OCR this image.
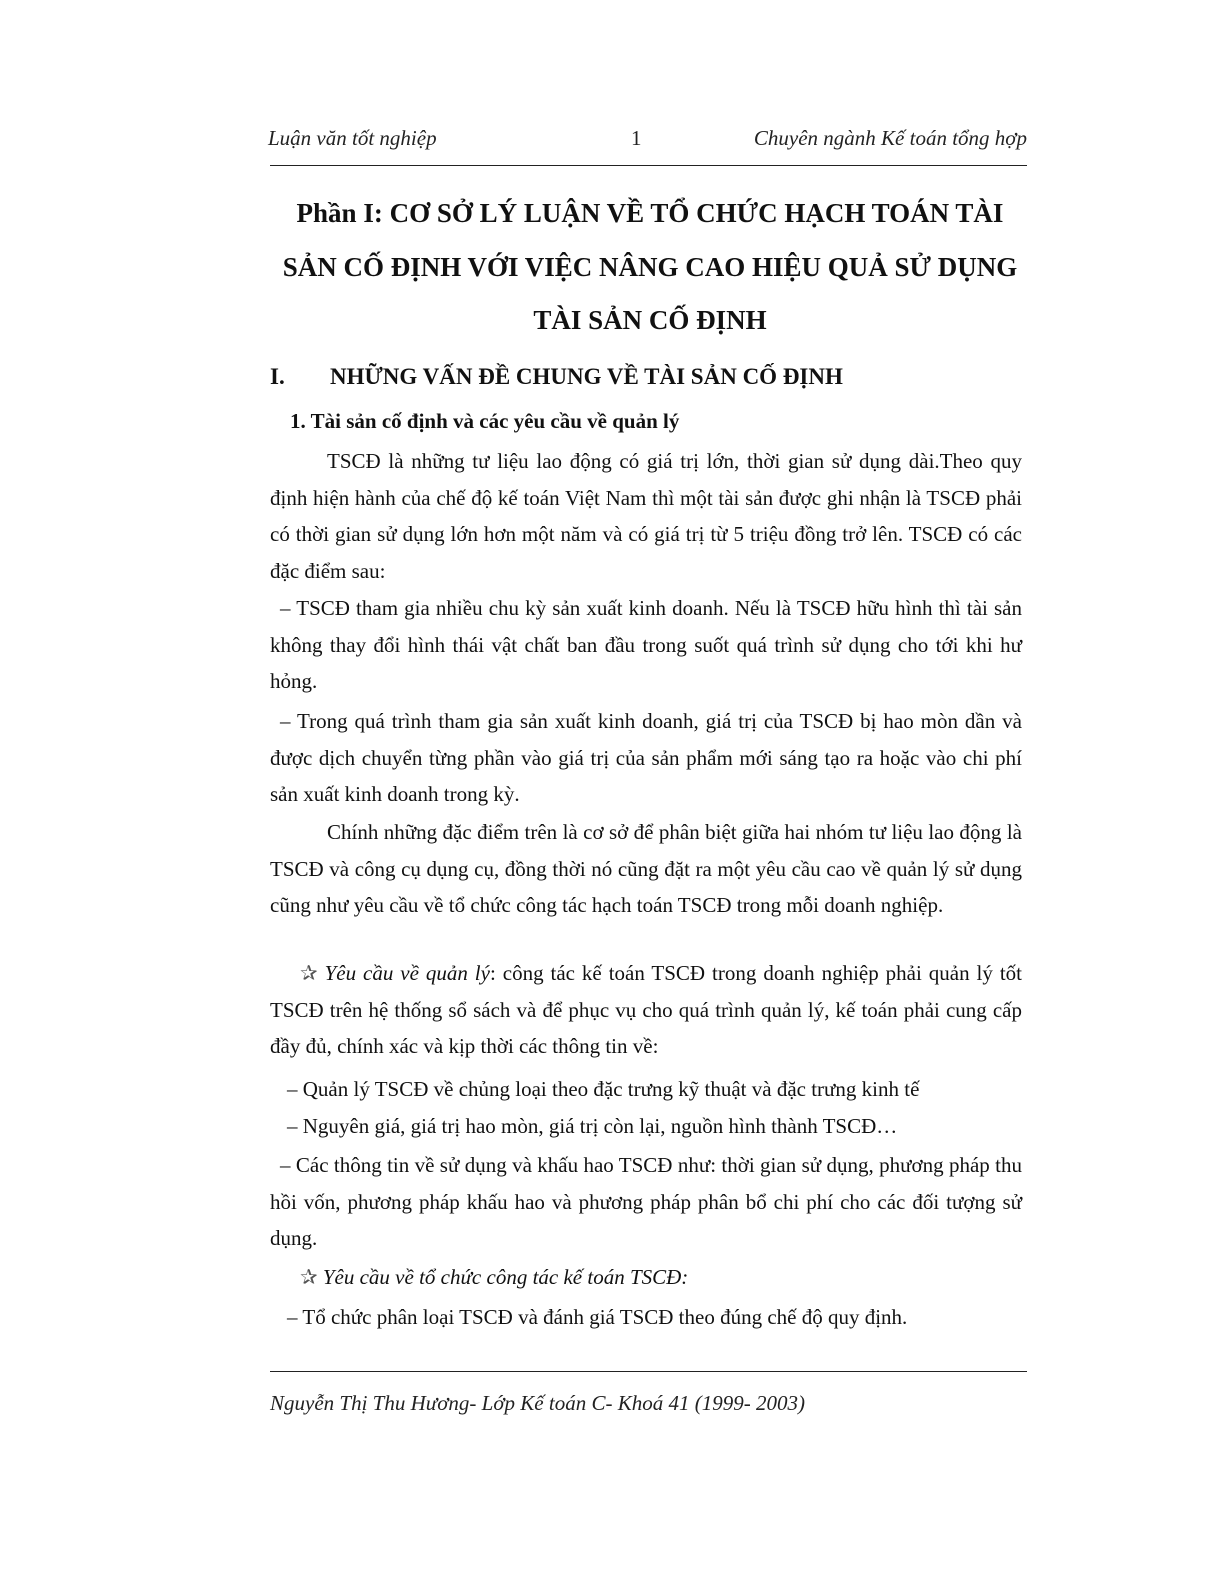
Luận văn tốt nghiệp	1	Chuyên ngành Kế toán tổng hợp
Phần I: CƠ SỞ LÝ LUẬN VỀ TỔ CHỨC HẠCH TOÁN TÀI
SẢN CỐ ĐỊNH VỚI VIỆC NÂNG CAO HIỆU QUẢ SỬ DỤNG
TÀI SẢN CỐ ĐỊNH
I. NHỮNG VẤN ĐỀ CHUNG VỀ TÀI SẢN CỐ ĐỊNH
1. Tài sản cố định và các yêu cầu về quản lý
TSCĐ là những tư liệu lao động có giá trị lớn, thời gian sử dụng dài.Theo quy định hiện hành của chế độ kế toán Việt Nam thì một tài sản được ghi nhận là TSCĐ phải có thời gian sử dụng lớn hơn một năm và có giá trị từ 5 triệu đồng trở lên. TSCĐ có các đặc điểm sau:
– TSCĐ tham gia nhiều chu kỳ sản xuất kinh doanh. Nếu là TSCĐ hữu hình thì tài sản không thay đổi hình thái vật chất ban đầu trong suốt quá trình sử dụng cho tới khi hư hỏng.
– Trong quá trình tham gia sản xuất kinh doanh, giá trị của TSCĐ bị hao mòn dần và được dịch chuyển từng phần vào giá trị của sản phẩm mới sáng tạo ra hoặc vào chi phí sản xuất kinh doanh trong kỳ.
Chính những đặc điểm trên là cơ sở để phân biệt giữa hai nhóm tư liệu lao động là TSCĐ và công cụ dụng cụ, đồng thời nó cũng đặt ra một yêu cầu cao về quản lý sử dụng cũng như yêu cầu về tổ chức công tác hạch toán TSCĐ trong mỗi doanh nghiệp.
✰ Yêu cầu về quản lý: công tác kế toán TSCĐ trong doanh nghiệp phải quản lý tốt TSCĐ trên hệ thống sổ sách và để phục vụ cho quá trình quản lý, kế toán phải cung cấp đầy đủ, chính xác và kịp thời các thông tin về:
– Quản lý TSCĐ về chủng loại theo đặc trưng kỹ thuật và đặc trưng kinh tế
– Nguyên giá, giá trị hao mòn, giá trị còn lại, nguồn hình thành TSCĐ…
– Các thông tin về sử dụng và khấu hao TSCĐ như: thời gian sử dụng, phương pháp thu hồi vốn, phương pháp khấu hao và phương pháp phân bổ chi phí cho các đối tượng sử dụng.
✰ Yêu cầu về tổ chức công tác kế toán TSCĐ:
– Tổ chức phân loại TSCĐ và đánh giá TSCĐ theo đúng chế độ quy định.
Nguyễn Thị Thu Hương- Lớp Kế toán C- Khoá 41 (1999- 2003)
